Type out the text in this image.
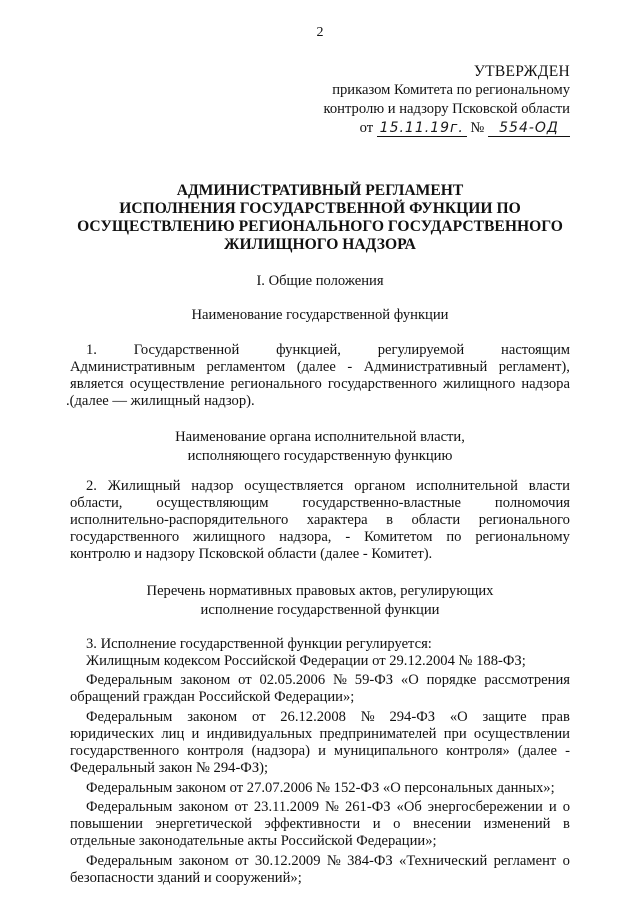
2
УТВЕРЖДЕН
приказом Комитета по региональному
контролю и надзору Псковской области
от 15.11.19г. № 554-ОД
АДМИНИСТРАТИВНЫЙ РЕГЛАМЕНТ
ИСПОЛНЕНИЯ ГОСУДАРСТВЕННОЙ ФУНКЦИИ ПО
ОСУЩЕСТВЛЕНИЮ РЕГИОНАЛЬНОГО ГОСУДАРСТВЕННОГО
ЖИЛИЩНОГО НАДЗОРА
I. Общие положения
Наименование государственной функции
1.	Государственной	функцией,	регулируемой	настоящим
Административным регламентом (далее - Административный регламент),
является осуществление регионального государственного жилищного надзора
.(далее — жилищный надзор).
Наименование органа исполнительной власти,
исполняющего государственную функцию
2. Жилищный надзор осуществляется органом исполнительной власти
области, осуществляющим государственно-властные полномочия
исполнительно-распорядительного характера в области регионального
государственного жилищного надзора, - Комитетом по региональному
контролю и надзору Псковской области (далее - Комитет).
Перечень нормативных правовых актов, регулирующих
исполнение государственной функции
3. Исполнение государственной функции регулируется:
Жилищным кодексом Российской Федерации от 29.12.2004 № 188-ФЗ;
Федеральным законом от 02.05.2006 № 59-ФЗ «О порядке рассмотрения
обращений граждан Российской Федерации»;
Федеральным законом от 26.12.2008 № 294-ФЗ «О защите прав
юридических лиц и индивидуальных предпринимателей при осуществлении
государственного контроля (надзора) и муниципального контроля» (далее -
Федеральный закон № 294-ФЗ);
Федеральным законом от 27.07.2006 № 152-ФЗ «О персональных данных»;
Федеральным законом от 23.11.2009 № 261-ФЗ «Об энергосбережении и о
повышении энергетической эффективности и о внесении изменений в
отдельные законодательные акты Российской Федерации»;
Федеральным законом от 30.12.2009 № 384-ФЗ «Технический регламент о
безопасности зданий и сооружений»;
